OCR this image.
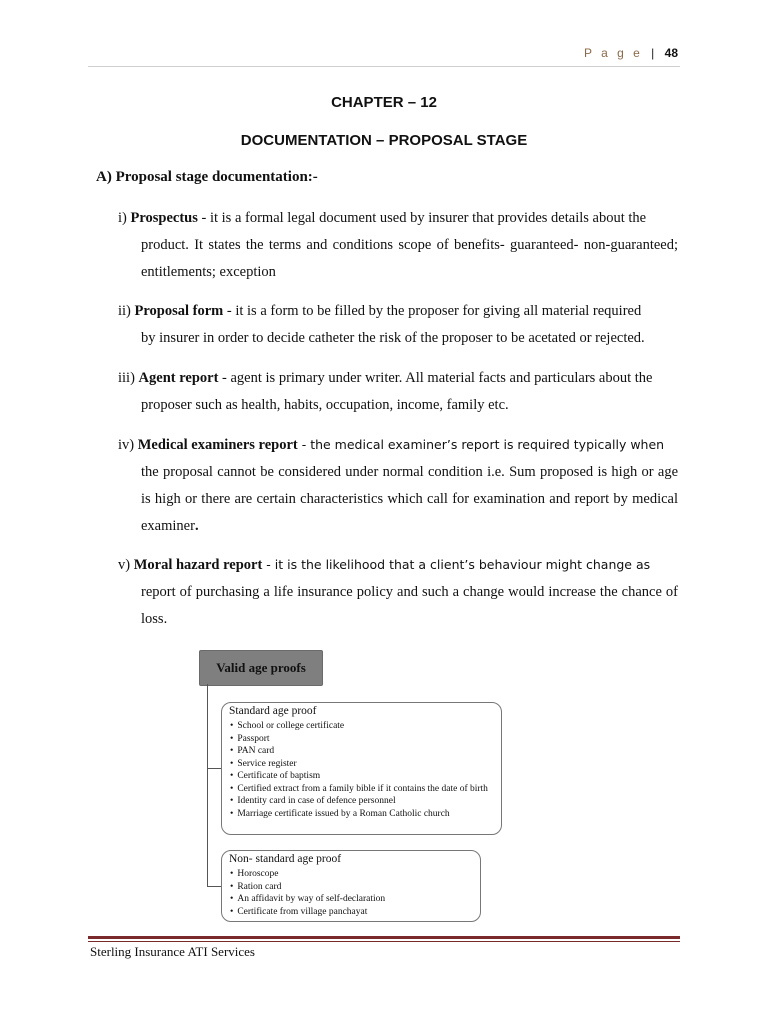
P a g e | 48
CHAPTER – 12
DOCUMENTATION – PROPOSAL STAGE
A) Proposal stage documentation:-
i) Prospectus - it is a formal legal document used by insurer that provides details about the
product. It states the terms and conditions scope of benefits- guaranteed- non-guaranteed; entitlements; exception
ii) Proposal form - it is a form to be filled by the proposer for giving all material required
by insurer in order to decide catheter the risk of the proposer to be acetated or rejected.
iii) Agent report - agent is primary under writer. All material facts and particulars about the
proposer such as health, habits, occupation, income, family etc.
iv) Medical examiners report - the medical examiner’s report is required typically when
the proposal cannot be considered under normal condition i.e. Sum proposed is high or age is high or there are certain characteristics which call for examination and report by medical examiner.
v) Moral hazard report - it is the likelihood that a client’s behaviour might change as
report of purchasing a life insurance policy and such a change would increase the chance of loss.
Valid age proofs
Standard age proof
• School or college certificate
• Passport
• PAN card
• Service register
• Certificate of baptism
• Certified extract from a family bible if it contains the date of birth
• Identity card in case of defence personnel
• Marriage certificate issued by a Roman Catholic church
Non- standard age proof
• Horoscope
• Ration card
• An affidavit by way of self-declaration
• Certificate from village panchayat
Sterling Insurance ATI Services
